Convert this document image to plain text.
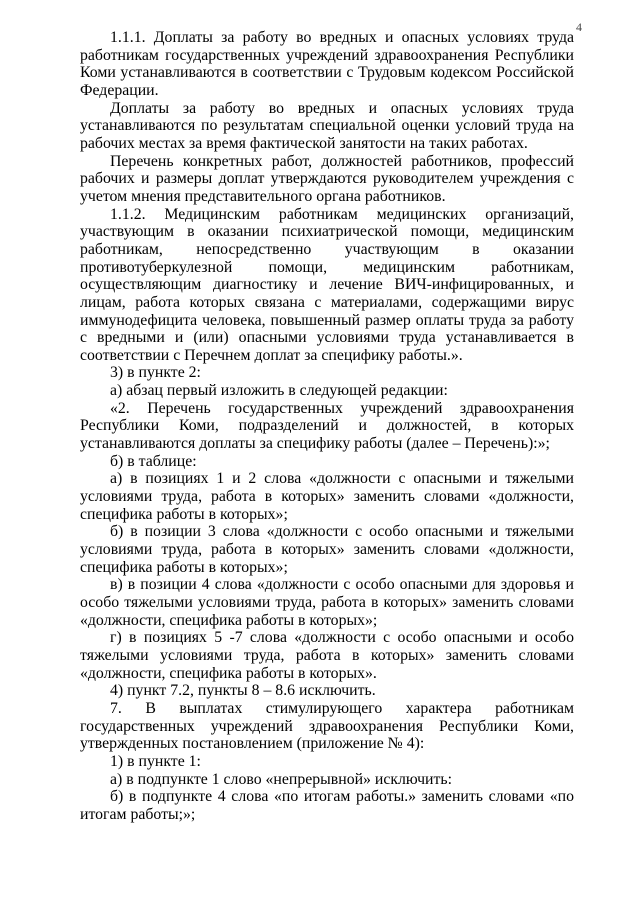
4

1.1.1. Доплаты за работу во вредных и опасных условиях труда работникам государственных учреждений здравоохранения Республики Коми устанавливаются в соответствии с Трудовым кодексом Российской Федерации.

Доплаты за работу во вредных и опасных условиях труда устанавливаются по результатам специальной оценки условий труда на рабочих местах за время фактической занятости на таких работах.

Перечень конкретных работ, должностей работников, профессий рабочих и размеры доплат утверждаются руководителем учреждения с учетом мнения представительного органа работников.

1.1.2. Медицинским работникам медицинских организаций, участвующим в оказании психиатрической помощи, медицинским работникам, непосредственно участвующим в оказании противотуберкулезной помощи, медицинским работникам, осуществляющим диагностику и лечение ВИЧ-инфицированных, и лицам, работа которых связана с материалами, содержащими вирус иммунодефицита человека, повышенный размер оплаты труда за работу с вредными и (или) опасными условиями труда устанавливается в соответствии с Перечнем доплат за специфику работы.».

3) в пункте 2:

а) абзац первый изложить в следующей редакции:

«2. Перечень государственных учреждений здравоохранения Республики Коми, подразделений и должностей, в которых устанавливаются доплаты за специфику работы (далее – Перечень):»;

б) в таблице:

а) в позициях 1 и 2 слова «должности с опасными и тяжелыми условиями труда, работа в которых» заменить словами «должности, специфика работы в которых»;

б) в позиции 3 слова «должности с особо опасными и тяжелыми условиями труда, работа в которых» заменить словами «должности, специфика работы в которых»;

в) в позиции 4 слова «должности с особо опасными для здоровья и особо тяжелыми условиями труда, работа в которых» заменить словами «должности, специфика работы в которых»;

г) в позициях 5 -7 слова «должности с особо опасными и особо тяжелыми условиями труда, работа в которых» заменить словами «должности, специфика работы в которых».

4) пункт 7.2, пункты 8 – 8.6 исключить.

7. В выплатах стимулирующего характера работникам государственных учреждений здравоохранения Республики Коми, утвержденных постановлением (приложение № 4):

1) в пункте 1:

а) в подпункте 1 слово «непрерывной» исключить:

б) в подпункте 4 слова «по итогам работы.» заменить словами «по итогам работы;»;
